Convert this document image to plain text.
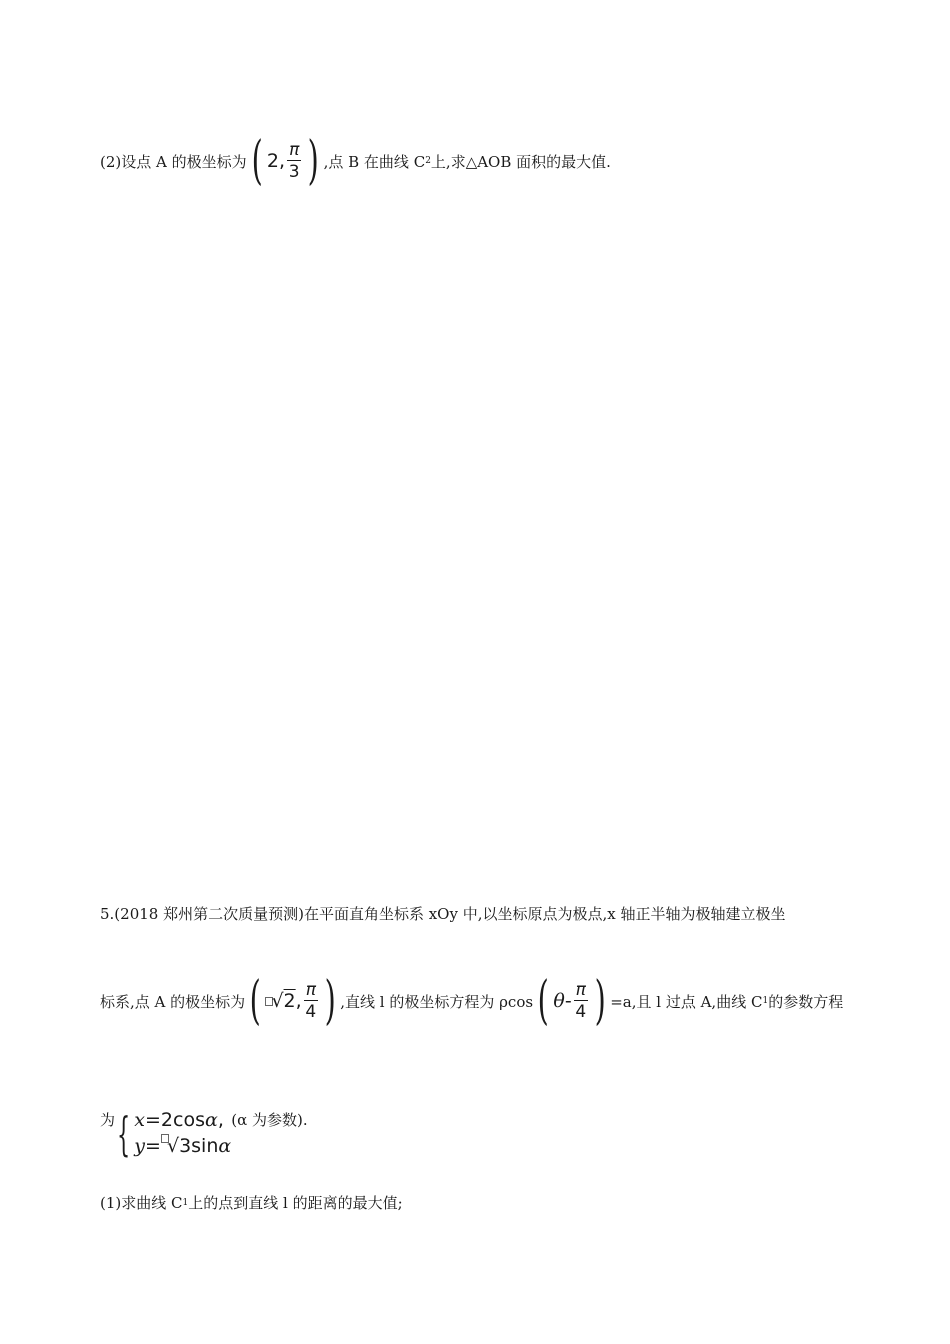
(2)设点 A 的极坐标为 ( 2 , $\frac{\pi}{3}$ ) ,点 B 在曲线 C 2 上,求△AOB 面积的最大值.
5.(2018 郑州第二次质量预测)在平面直角坐标系 xOy 中,以坐标原点为极点,x 轴正半轴为极轴建立极坐
标系,点 A 的极坐标为 ( √ 2 , $\frac{\pi}{4}$ ) ,直线 l 的极坐标方程为 ρcos ( θ - $\frac{\pi}{4}$ ) =a,且 l 过点 A,曲线 C 1 的参数方程
为 { x=2cosα,
y= √3sinα
(α 为参数).
(1)求曲线 C 1 上的点到直线 l 的距离的最大值;
